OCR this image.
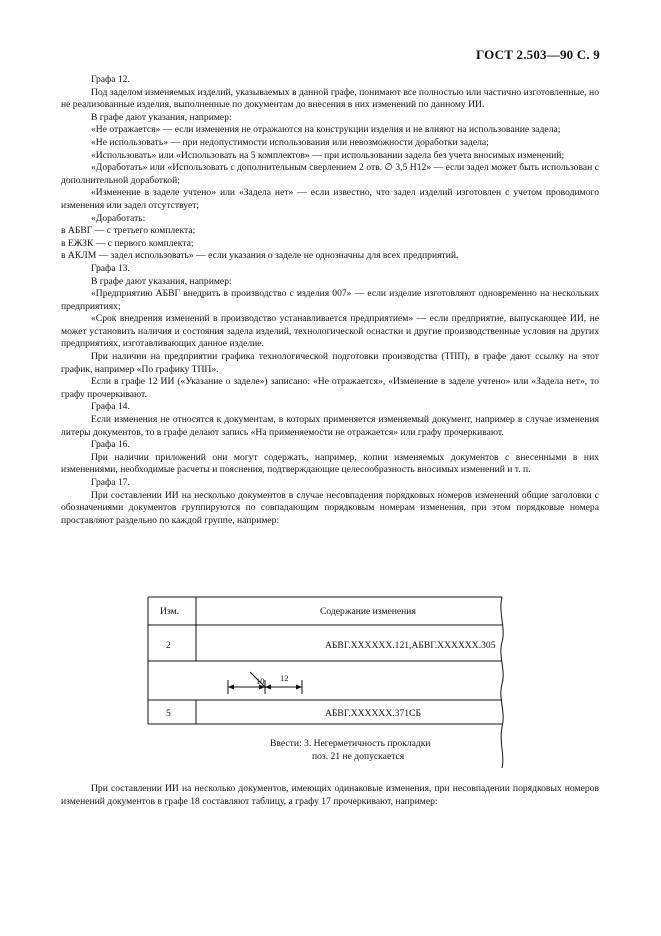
ГОСТ 2.503—90 С. 9

Графа 12.

Под заделом изменяемых изделий, указываемых в данной графе, понимают все полностью или частично изготовленные, но не реализованные изделия, выполненные по документам до внесения в них изменений по данному ИИ.

В графе дают указания, например:

«Не отражается» — если изменения не отражаются на конструкции изделия и не влияют на использование задела;

«Не использовать» — при недопустимости использования или невозможности доработки задела;

«Использовать» или «Использовать на 5 комплектов» — при использовании задела без учета вносимых изменений;

«Доработать» или «Использовать с дополнительным сверлением 2 отв. ∅ 3,5 Н12» — если задел может быть использован с дополнительной доработкой;

«Изменение в заделе учтено» или «Задела нет» — если известно, что задел изделий изготовлен с учетом проводимого изменения или задел отсутствует;

«Доработать:

в АБВГ — с третьего комплекта;

в ЕЖЗК — с первого комплекта;

в АКЛМ — задел использовать» — если указания о заделе не однозначны для всех предприятий.

Графа 13.

В графе дают указания, например:

«Предприятию АБВГ внедрить в производство с изделия 007» — если изделие изготовляют одновременно на нескольких предприятиях;

«Срок внедрения изменений в производство устанавливается предприятием» — если предприятие, выпускающее ИИ, не может установить наличия и состояния задела изделий, технологической оснастки и другие производственные условия на других предприятиях, изготавливающих данное изделие.

При наличии на предприятии графика технологической подготовки производства (ТПП), в графе дают ссылку на этот график, например «По графику ТПП».

Если в графе 12 ИИ («Указание о заделе») записано: «Не отражается», «Изменение в заделе учтено» или «Задела нет», то графу прочеркивают.

Графа 14.

Если изменения не относятся к документам, в которых применяется изменяемый документ, например в случае изменения литеры документов, то в графе делают запись «На применяемости не отражается» или графу прочеркивают.

Графа 16.

При наличии приложений они могут содержать, например, копии изменяемых документов с внесенными в них изменениями, необходимые расчеты и пояснения, подтверждающие целесообразность вносимых изменений и т. п.

Графа 17.

При составлении ИИ на несколько документов в случае несовпадения порядковых номеров изменений общие заголовки с обозначениями документов группируются по совпадающим порядковым номерам изменения, при этом порядковые номера проставляют раздельно по каждой группе, например:

Изм.	Содержание изменения
2	АБВГ.ХХХХХХ.121,АБВГ.ХХХХХХ.305
10 12
5	АБВГ.ХХХХХХ.371СБ
Ввести: 3. Негерметичность прокладки
поз. 21 не допускается

При составлении ИИ на несколько документов, имеющих одинаковые изменения, при несовпадении порядковых номеров изменений документов в графе 18 составляют таблицу, а графу 17 прочеркивают, например:
